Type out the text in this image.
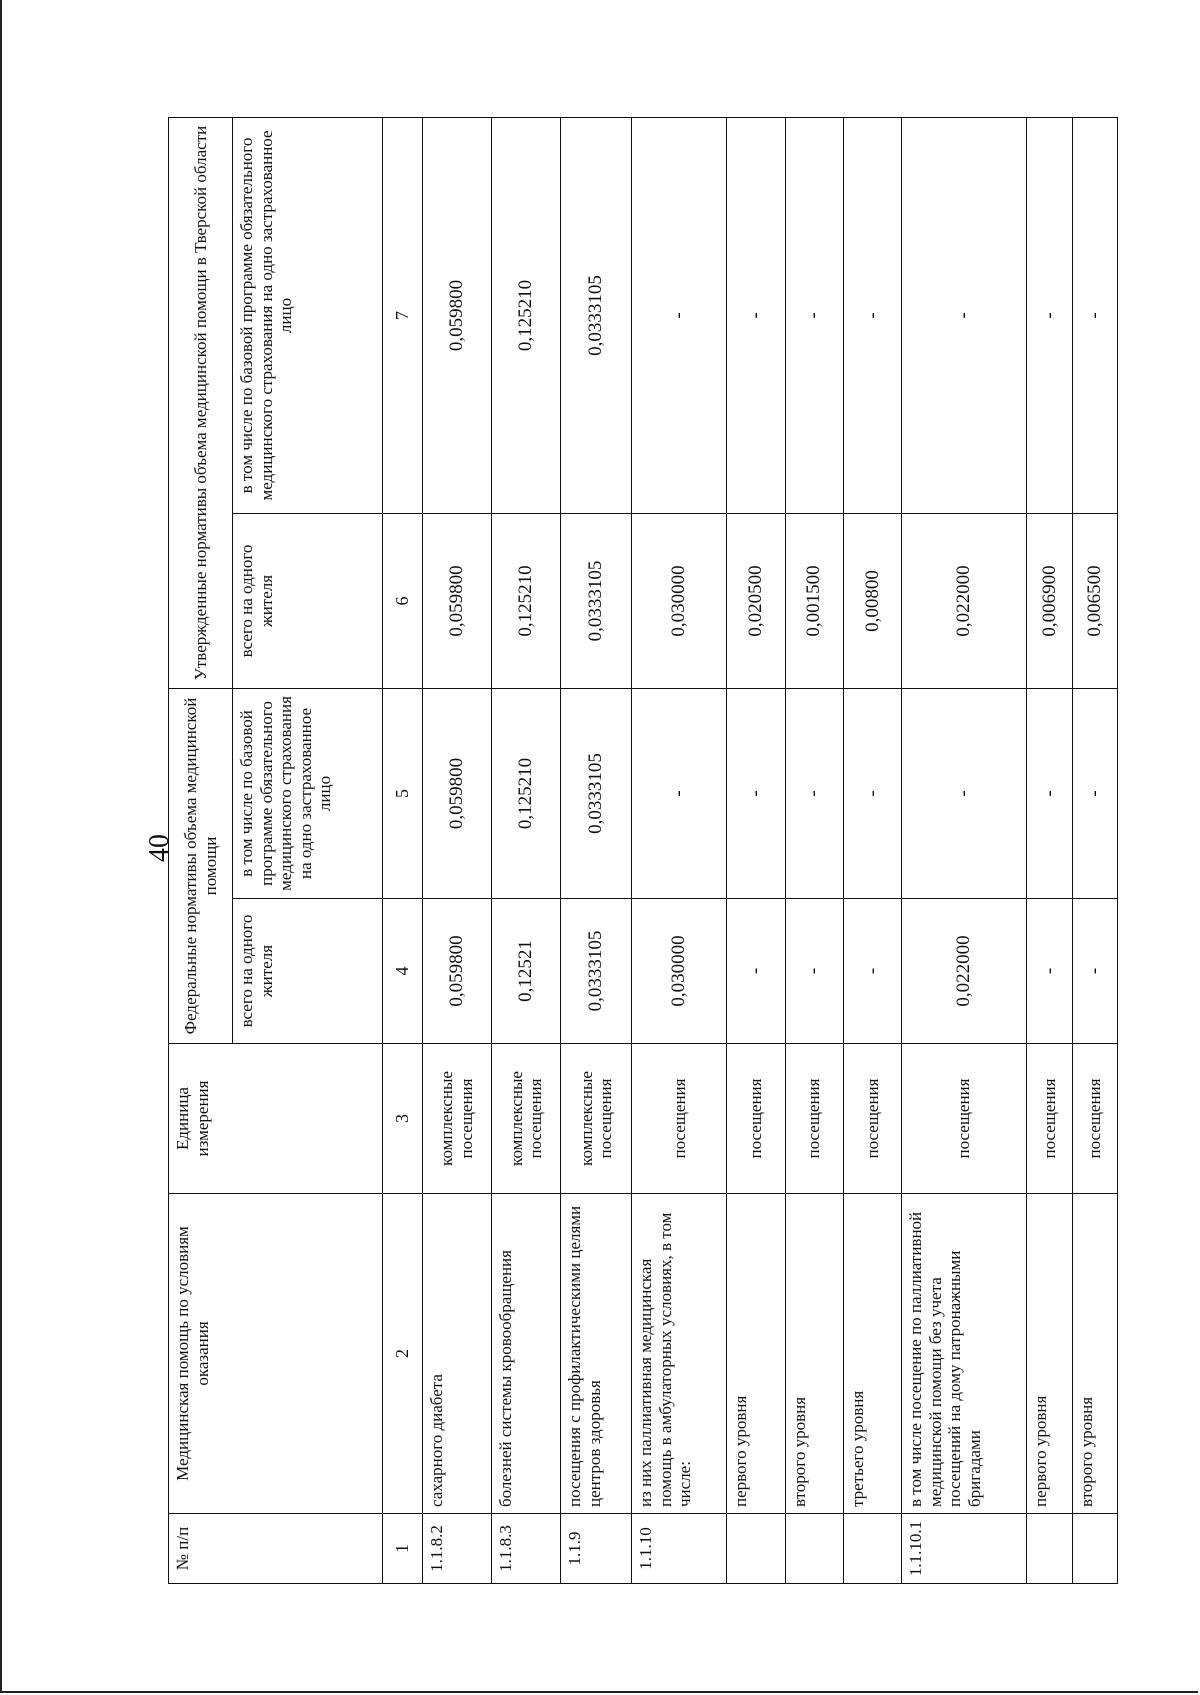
40
№ п/п	Медицинская помощь по условиям оказания	Единица измерения	Федеральные нормативы объема медицинской помощи		Утвержденные нормативы объема медицинской помощи в Тверской области	
			всего на одного жителя	в том числе по базовой программе обязательного медицинского страхования на одно застрахованное лицо	всего на одного жителя	в том числе по базовой программе обязательного медицинского страхования на одно застрахованное лицо
1	2	3	4	5	6	7
1.1.8.2	сахарного диабета	комплексные посещения	0,059800	0,059800	0,059800	0,059800
1.1.8.3	болезней системы кровообращения	комплексные посещения	0,12521	0,125210	0,125210	0,125210
1.1.9	посещения с профилактическими целями центров здоровья	комплексные посещения	0,0333105	0,0333105	0,0333105	0,0333105
1.1.10	из них паллиативная медицинская помощь в амбулаторных условиях, в том числе:	посещения	0,030000	-	0,030000	-
	первого уровня	посещения	-	-	0,020500	-
	второго уровня	посещения	-	-	0,001500	-
	третьего уровня	посещения	-	-	0,00800	-
1.1.10.1	в том числе посещение по паллиативной медицинской помощи без учета посещений на дому патронажными бригадами	посещения	0,022000	-	0,022000	-
	первого уровня	посещения	-	-	0,006900	-
	второго уровня	посещения	-	-	0,006500	-
